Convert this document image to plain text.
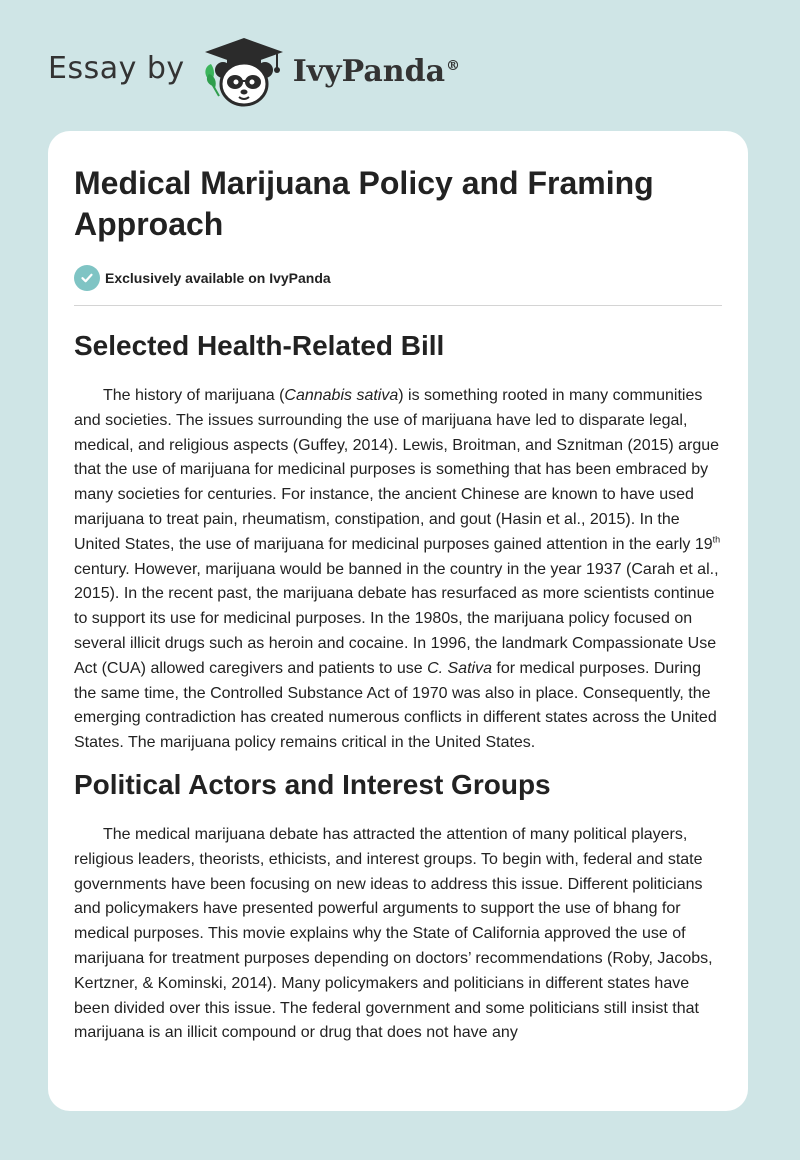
Essay by	IvyPanda®
Medical Marijuana Policy and Framing Approach
Exclusively available on IvyPanda
Selected Health-Related Bill

The history of marijuana (Cannabis sativa) is something rooted in many communities and societies. The issues surrounding the use of marijuana have led to disparate legal, medical, and religious aspects (Guffey, 2014). Lewis, Broitman, and Sznitman (2015) argue that the use of marijuana for medicinal purposes is something that has been embraced by many societies for centuries. For instance, the ancient Chinese are known to have used marijuana to treat pain, rheumatism, constipation, and gout (Hasin et al., 2015). In the United States, the use of marijuana for medicinal purposes gained attention in the early 19th century. However, marijuana would be banned in the country in the year 1937 (Carah et al., 2015). In the recent past, the marijuana debate has resurfaced as more scientists continue to support its use for medicinal purposes. In the 1980s, the marijuana policy focused on several illicit drugs such as heroin and cocaine. In 1996, the landmark Compassionate Use Act (CUA) allowed caregivers and patients to use C. Sativa for medical purposes. During the same time, the Controlled Substance Act of 1970 was also in place. Consequently, the emerging contradiction has created numerous conflicts in different states across the United States. The marijuana policy remains critical in the United States.

Political Actors and Interest Groups

The medical marijuana debate has attracted the attention of many political players, religious leaders, theorists, ethicists, and interest groups. To begin with, federal and state governments have been focusing on new ideas to address this issue. Different politicians and policymakers have presented powerful arguments to support the use of bhang for medical purposes. This movie explains why the State of California approved the use of marijuana for treatment purposes depending on doctors’ recommendations (Roby, Jacobs, Kertzner, & Kominski, 2014). Many policymakers and politicians in different states have been divided over this issue. The federal government and some politicians still insist that marijuana is an illicit compound or drug that does not have any
